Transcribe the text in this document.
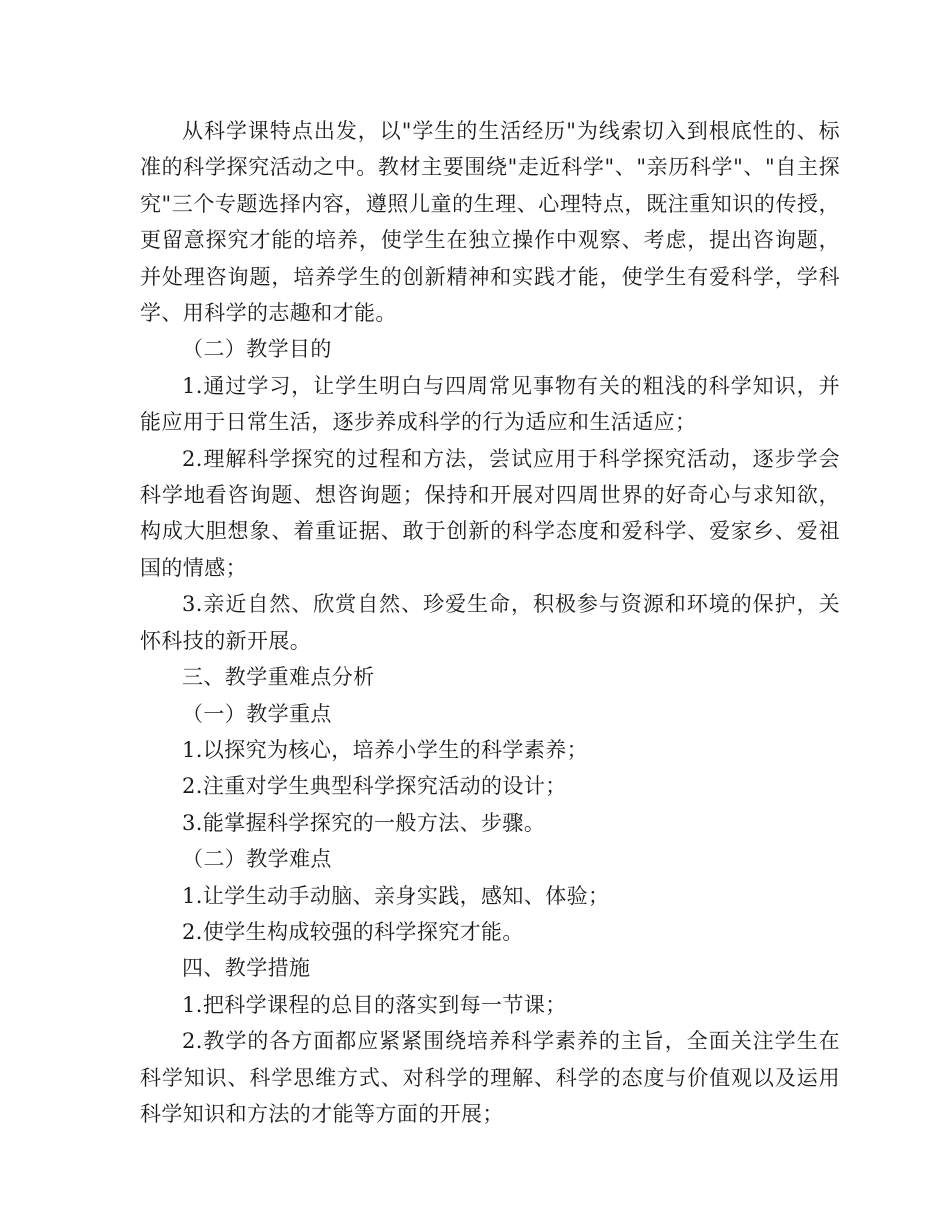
从科学课特点出发，以"学生的生活经历"为线索切入到根底性的、标准的科学探究活动之中。教材主要围绕"走近科学"、"亲历科学"、"自主探究"三个专题选择内容，遵照儿童的生理、心理特点，既注重知识的传授，更留意探究才能的培养，使学生在独立操作中观察、考虑，提出咨询题，并处理咨询题，培养学生的创新精神和实践才能，使学生有爱科学，学科学、用科学的志趣和才能。

（二）教学目的

1.通过学习，让学生明白与四周常见事物有关的粗浅的科学知识，并能应用于日常生活，逐步养成科学的行为适应和生活适应；

2.理解科学探究的过程和方法，尝试应用于科学探究活动，逐步学会科学地看咨询题、想咨询题；保持和开展对四周世界的好奇心与求知欲，构成大胆想象、着重证据、敢于创新的科学态度和爱科学、爱家乡、爱祖国的情感；

3.亲近自然、欣赏自然、珍爱生命，积极参与资源和环境的保护，关怀科技的新开展。

三、教学重难点分析

（一）教学重点

1.以探究为核心，培养小学生的科学素养；

2.注重对学生典型科学探究活动的设计；

3.能掌握科学探究的一般方法、步骤。

（二）教学难点

1.让学生动手动脑、亲身实践，感知、体验；

2.使学生构成较强的科学探究才能。

四、教学措施

1.把科学课程的总目的落实到每一节课；

2.教学的各方面都应紧紧围绕培养科学素养的主旨，全面关注学生在科学知识、科学思维方式、对科学的理解、科学的态度与价值观以及运用科学知识和方法的才能等方面的开展；
